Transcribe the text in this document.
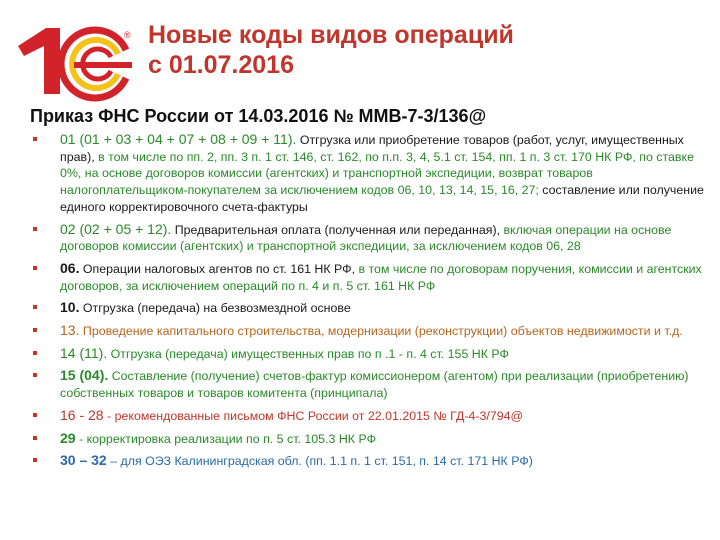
® Новые коды видов операций
с 01.07.2016
Приказ ФНС России от 14.03.2016 № ММВ-7-3/136@
01 (01 + 03 + 04 + 07 + 08 + 09 + 11). Отгрузка или приобретение товаров (работ, услуг, имущественных прав), в том числе по пп. 2, пп. 3 п. 1 ст. 146, ст. 162, по п.п. 3, 4, 5.1 ст. 154, пп. 1 п. 3 ст. 170 НК РФ, по ставке 0%, на основе договоров комиссии (агентских) и транспортной экспедиции, возврат товаров налогоплательщиком-покупателем за исключением кодов 06, 10, 13, 14, 15, 16, 27; составление или получение единого корректировочного счета-фактуры
02 (02 + 05 + 12). Предварительная оплата (полученная или переданная), включая операции на основе договоров комиссии (агентских) и транспортной экспедиции, за исключением кодов 06, 28
06. Операции налоговых агентов по ст. 161 НК РФ, в том числе по договорам поручения, комиссии и агентских договоров, за исключением операций по п. 4 и п. 5 ст. 161 НК РФ
10. Отгрузка (передача) на безвозмездной основе
13. Проведение капитального строительства, модернизации (реконструкции) объектов недвижимости и т.д.
14 (11). Отгрузка (передача) имущественных прав по п .1 - п. 4 ст. 155 НК РФ
15 (04). Составление (получение) счетов-фактур комиссионером (агентом) при реализации (приобретению) собственных товаров и товаров комитента (принципала)
16 - 28 - рекомендованные письмом ФНС России от 22.01.2015 № ГД-4-3/794@
29 - корректировка реализации по п. 5 ст. 105.3 НК РФ
30 – 32 – для ОЭЗ Калининградская обл. (пп. 1.1 п. 1 ст. 151, п. 14 ст. 171 НК РФ)
